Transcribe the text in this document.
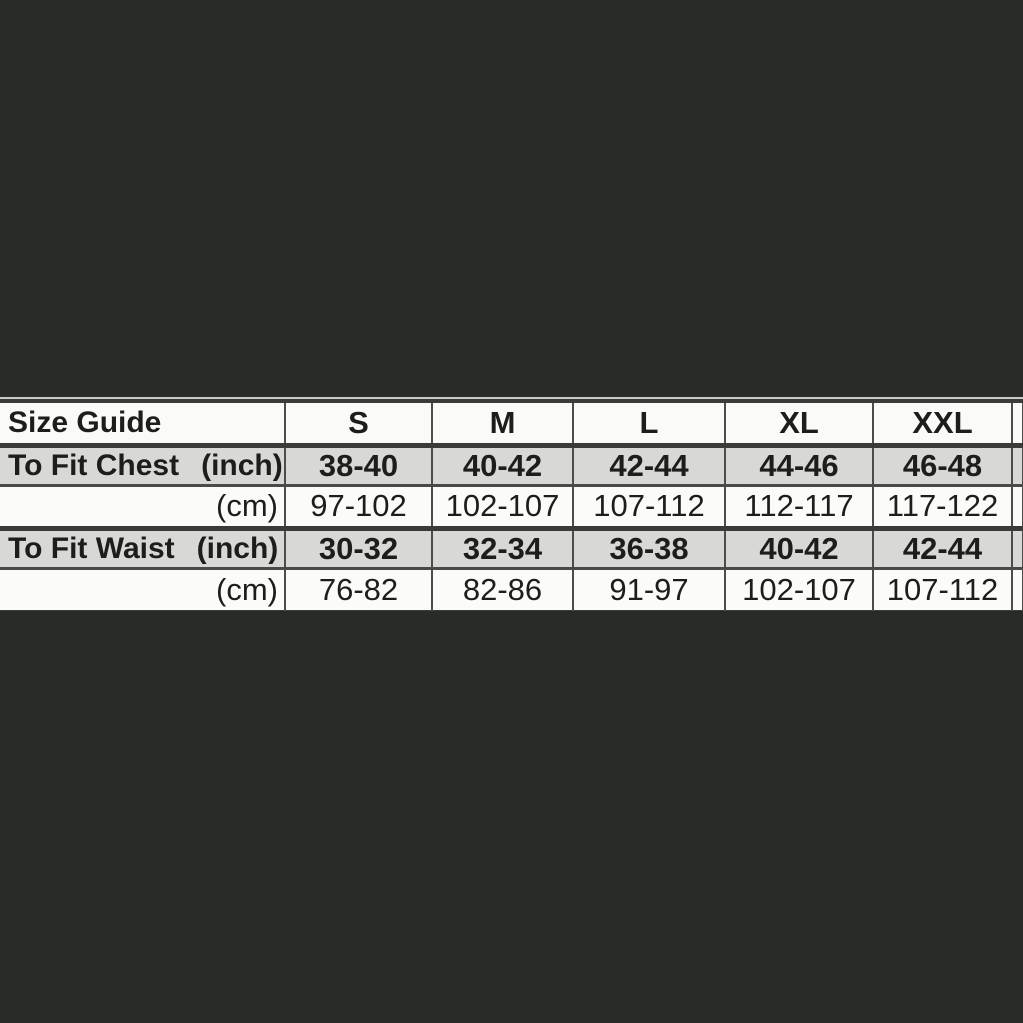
Size Guide	S	M	L	XL	XXL	

To Fit Chest (inch)	38-40	40-42	42-44	44-46	46-48	
(cm)	97-102	102-107	107-112	112-117	117-122	

To Fit Waist (inch)	30-32	32-34	36-38	40-42	42-44	
(cm)	76-82	82-86	91-97	102-107	107-112	
